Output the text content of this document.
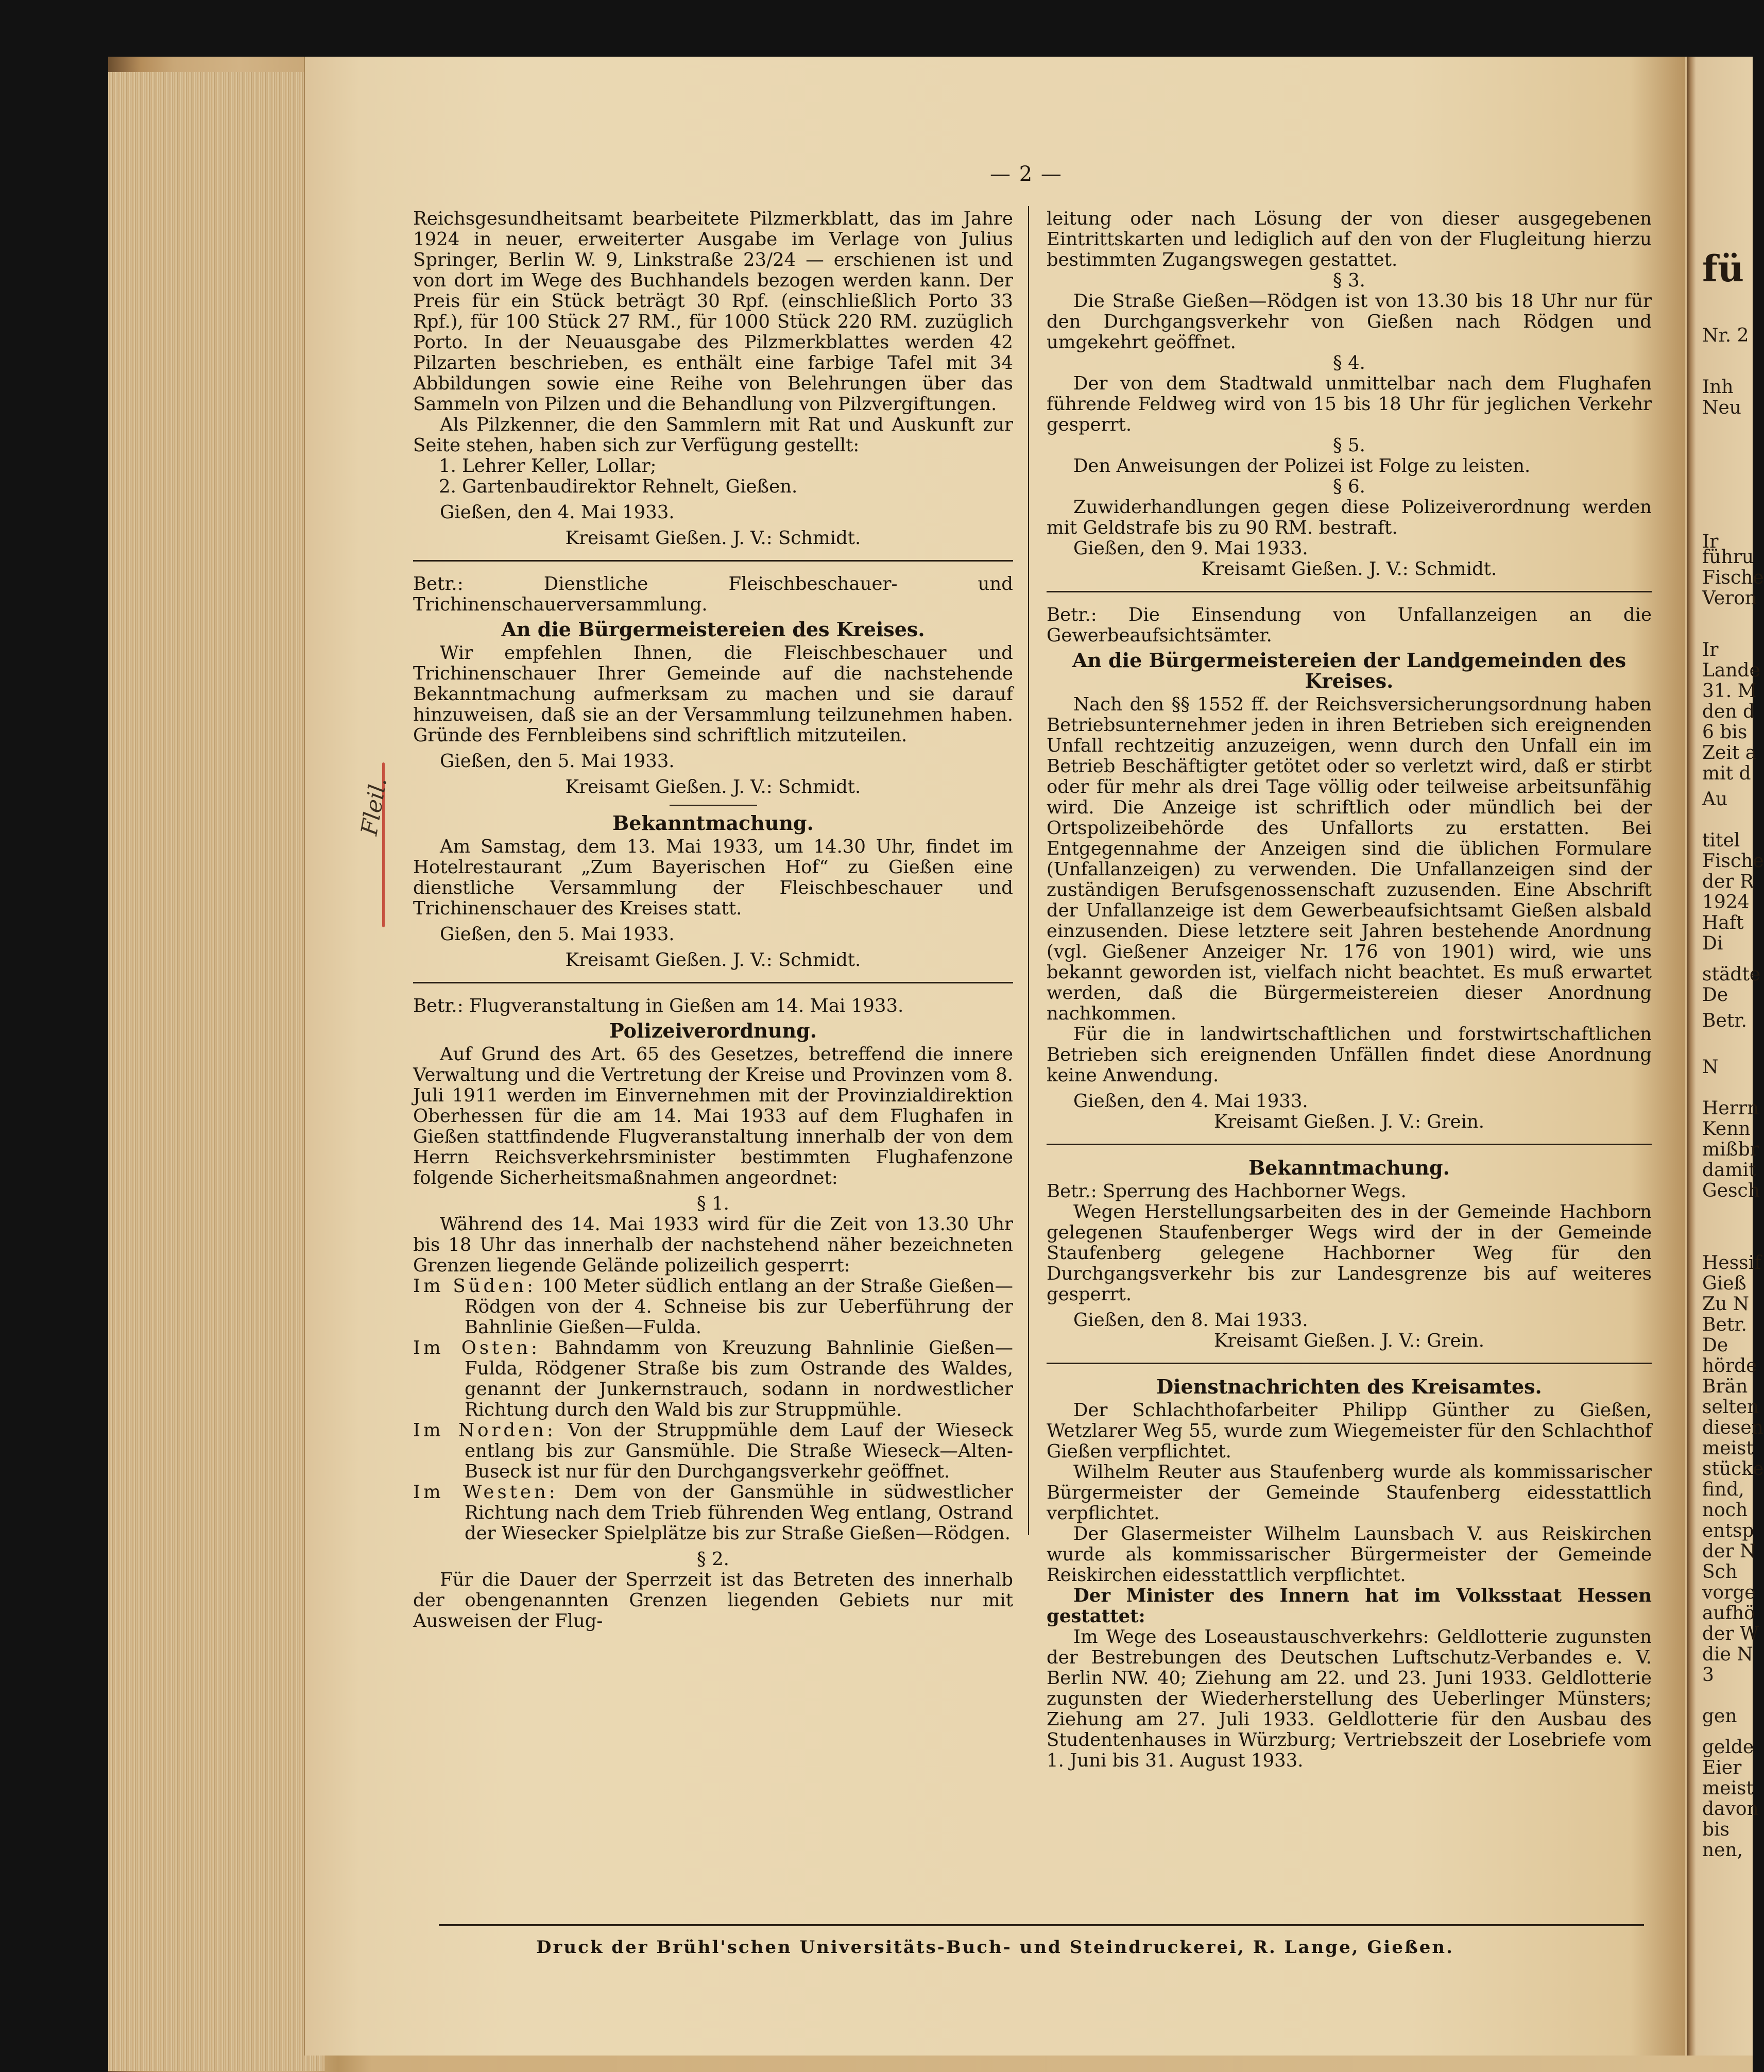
— 2 —

Reichsgesundheitsamt bearbeitete Pilzmerkblatt, das im Jahre 1924 in neuer, erweiterter Ausgabe im Verlage von Julius Springer, Berlin W. 9, Linkstraße 23/24 — erschienen ist und von dort im Wege des Buchhandels bezogen werden kann. Der Preis für ein Stück beträgt 30 Rpf. (einschließlich Porto 33 Rpf.), für 100 Stück 27 RM., für 1000 Stück 220 RM. zuzüglich Porto. In der Neuausgabe des Pilzmerkblattes werden 42 Pilzarten beschrieben, es enthält eine farbige Tafel mit 34 Abbildungen sowie eine Reihe von Belehrungen über das Sammeln von Pilzen und die Behandlung von Pilzvergiftungen.

Als Pilzkenner, die den Sammlern mit Rat und Auskunft zur Seite stehen, haben sich zur Verfügung gestellt:

1. Lehrer Keller, Lollar;

2. Gartenbaudirektor Rehnelt, Gießen.

Gießen, den 4. Mai 1933.

Kreisamt Gießen. J. V.: Schmidt.

Betr.: Dienstliche Fleischbeschauer- und Trichinenschauerversammlung.

An die Bürgermeistereien des Kreises.

Wir empfehlen Ihnen, die Fleischbeschauer und Trichinenschauer Ihrer Gemeinde auf die nachstehende Bekanntmachung aufmerksam zu machen und sie darauf hinzuweisen, daß sie an der Versammlung teilzunehmen haben. Gründe des Fernbleibens sind schriftlich mitzuteilen.

Gießen, den 5. Mai 1933.

Kreisamt Gießen. J. V.: Schmidt.

Bekanntmachung.

Am Samstag, dem 13. Mai 1933, um 14.30 Uhr, findet im Hotelrestaurant „Zum Bayerischen Hof“ zu Gießen eine dienstliche Versammlung der Fleischbeschauer und Trichinenschauer des Kreises statt.

Gießen, den 5. Mai 1933.

Kreisamt Gießen. J. V.: Schmidt.

Betr.: Flugveranstaltung in Gießen am 14. Mai 1933.

Polizeiverordnung.

Auf Grund des Art. 65 des Gesetzes, betreffend die innere Verwaltung und die Vertretung der Kreise und Provinzen vom 8. Juli 1911 werden im Einvernehmen mit der Provinzialdirektion Oberhessen für die am 14. Mai 1933 auf dem Flughafen in Gießen stattfindende Flugveranstaltung innerhalb der von dem Herrn Reichsverkehrsminister bestimmten Flughafenzone folgende Sicherheitsmaßnahmen angeordnet:

§ 1.

Während des 14. Mai 1933 wird für die Zeit von 13.30 Uhr bis 18 Uhr das innerhalb der nachstehend näher bezeichneten Grenzen liegende Gelände polizeilich gesperrt:

Im Süden: 100 Meter südlich entlang an der Straße Gießen—Rödgen von der 4. Schneise bis zur Ueberführung der Bahnlinie Gießen—Fulda.

Im Osten: Bahndamm von Kreuzung Bahnlinie Gießen—Fulda, Rödgener Straße bis zum Ostrande des Waldes, genannt der Junkernstrauch, sodann in nordwestlicher Richtung durch den Wald bis zur Struppmühle.

Im Norden: Von der Struppmühle dem Lauf der Wieseck entlang bis zur Gansmühle. Die Straße Wieseck—Alten-Buseck ist nur für den Durchgangsverkehr geöffnet.

Im Westen: Dem von der Gansmühle in südwestlicher Richtung nach dem Trieb führenden Weg entlang, Ostrand der Wiesecker Spielplätze bis zur Straße Gießen—Rödgen.

§ 2.

Für die Dauer der Sperrzeit ist das Betreten des innerhalb der obengenannten Grenzen liegenden Gebiets nur mit Ausweisen der Flug-

leitung oder nach Lösung der von dieser ausgegebenen Eintrittskarten und lediglich auf den von der Flugleitung hierzu bestimmten Zugangswegen gestattet.

§ 3.

Die Straße Gießen—Rödgen ist von 13.30 bis 18 Uhr nur für den Durchgangsverkehr von Gießen nach Rödgen und umgekehrt geöffnet.

§ 4.

Der von dem Stadtwald unmittelbar nach dem Flughafen führende Feldweg wird von 15 bis 18 Uhr für jeglichen Verkehr gesperrt.

§ 5.

Den Anweisungen der Polizei ist Folge zu leisten.

§ 6.

Zuwiderhandlungen gegen diese Polizeiverordnung werden mit Geldstrafe bis zu 90 RM. bestraft.

Gießen, den 9. Mai 1933.

Kreisamt Gießen. J. V.: Schmidt.

Betr.: Die Einsendung von Unfallanzeigen an die Gewerbeaufsichtsämter.

An die Bürgermeistereien der Landgemeinden des Kreises.

Nach den §§ 1552 ff. der Reichsversicherungsordnung haben Betriebsunternehmer jeden in ihren Betrieben sich ereignenden Unfall rechtzeitig anzuzeigen, wenn durch den Unfall ein im Betrieb Beschäftigter getötet oder so verletzt wird, daß er stirbt oder für mehr als drei Tage völlig oder teilweise arbeitsunfähig wird. Die Anzeige ist schriftlich oder mündlich bei der Ortspolizeibehörde des Unfallorts zu erstatten. Bei Entgegennahme der Anzeigen sind die üblichen Formulare (Unfallanzeigen) zu verwenden. Die Unfallanzeigen sind der zuständigen Berufsgenossenschaft zuzusenden. Eine Abschrift der Unfallanzeige ist dem Gewerbeaufsichtsamt Gießen alsbald einzusenden. Diese letztere seit Jahren bestehende Anordnung (vgl. Gießener Anzeiger Nr. 176 von 1901) wird, wie uns bekannt geworden ist, vielfach nicht beachtet. Es muß erwartet werden, daß die Bürgermeistereien dieser Anordnung nachkommen.

Für die in landwirtschaftlichen und forstwirtschaftlichen Betrieben sich ereignenden Unfällen findet diese Anordnung keine Anwendung.

Gießen, den 4. Mai 1933.

Kreisamt Gießen. J. V.: Grein.

Bekanntmachung.

Betr.: Sperrung des Hachborner Wegs.

Wegen Herstellungsarbeiten des in der Gemeinde Hachborn gelegenen Staufenberger Wegs wird der in der Gemeinde Staufenberg gelegene Hachborner Weg für den Durchgangsverkehr bis zur Landesgrenze bis auf weiteres gesperrt.

Gießen, den 8. Mai 1933.

Kreisamt Gießen. J. V.: Grein.

Dienstnachrichten des Kreisamtes.

Der Schlachthofarbeiter Philipp Günther zu Gießen, Wetzlarer Weg 55, wurde zum Wiegemeister für den Schlachthof Gießen verpflichtet.

Wilhelm Reuter aus Staufenberg wurde als kommissarischer Bürgermeister der Gemeinde Staufenberg eidesstattlich verpflichtet.

Der Glasermeister Wilhelm Launsbach V. aus Reiskirchen wurde als kommissarischer Bürgermeister der Gemeinde Reiskirchen eidesstattlich verpflichtet.

Der Minister des Innern hat im Volksstaat Hessen gestattet:

Im Wege des Loseaustauschverkehrs: Geldlotterie zugunsten der Bestrebungen des Deutschen Luftschutz-Verbandes e. V. Berlin NW. 40; Ziehung am 22. und 23. Juni 1933. Geldlotterie zugunsten der Wiederherstellung des Ueberlinger Münsters; Ziehung am 27. Juli 1933. Geldlotterie für den Ausbau des Studentenhauses in Würzburg; Vertriebszeit der Losebriefe vom 1. Juni bis 31. August 1933.

Druck der Brühl'schen Universitäts-Buch- und Steindruckerei, R. Lange, Gießen.
Fleil.
fü
Nr. 2
Inh
Neu
Ir
führu
Fische
Veron
Ir
Lande
31. M
den d
6 bis
Zeit a
mit d
Au
titel
Fische
der R
1924
Haft
Di
städte
De
Betr.
N
Herrn
Kenn
mißbr
damit
Gesch
Hessif
Gieß
Zu N
Betr.
De
hörde
Brän
selten
diesen
meist
stücke
find,
noch
entsp
der N
Sch
vorge
aufhö
der W
die N
3
gen
gelde
Eier
meist
davon
bis
nen,
